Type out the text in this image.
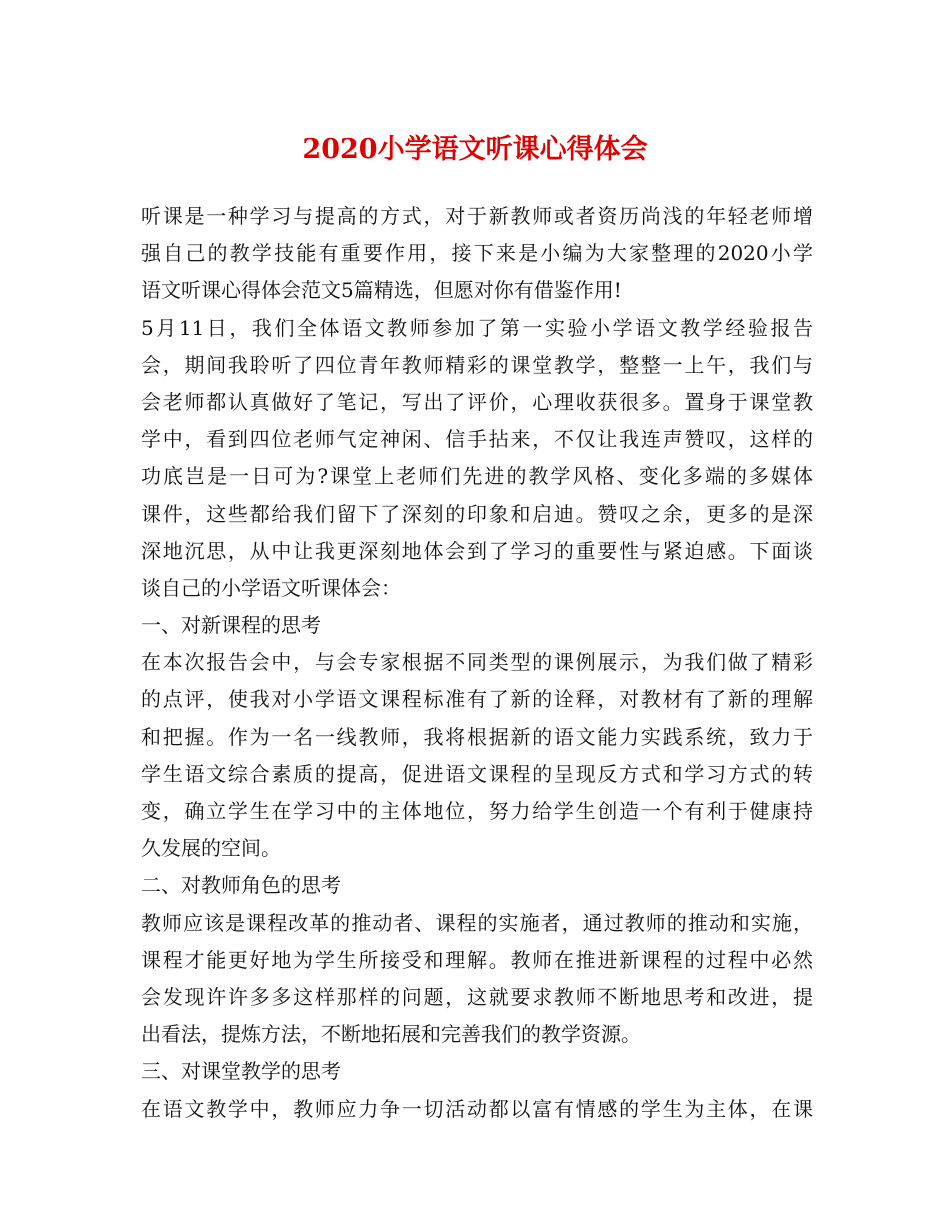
2020小学语文听课心得体会
听课是一种学习与提高的方式，对于新教师或者资历尚浅的年轻老师增
强自己的教学技能有重要作用，接下来是小编为大家整理的2020小学
语文听课心得体会范文5篇精选，但愿对你有借鉴作用!
5月11日，我们全体语文教师参加了第一实验小学语文教学经验报告
会，期间我聆听了四位青年教师精彩的课堂教学，整整一上午，我们与
会老师都认真做好了笔记，写出了评价，心理收获很多。置身于课堂教
学中，看到四位老师气定神闲、信手拈来，不仅让我连声赞叹，这样的
功底岂是一日可为?课堂上老师们先进的教学风格、变化多端的多媒体
课件，这些都给我们留下了深刻的印象和启迪。赞叹之余，更多的是深
深地沉思，从中让我更深刻地体会到了学习的重要性与紧迫感。下面谈
谈自己的小学语文听课体会：
一、对新课程的思考
在本次报告会中，与会专家根据不同类型的课例展示，为我们做了精彩
的点评，使我对小学语文课程标准有了新的诠释，对教材有了新的理解
和把握。作为一名一线教师，我将根据新的语文能力实践系统，致力于
学生语文综合素质的提高，促进语文课程的呈现反方式和学习方式的转
变，确立学生在学习中的主体地位，努力给学生创造一个有利于健康持
久发展的空间。
二、对教师角色的思考
教师应该是课程改革的推动者、课程的实施者，通过教师的推动和实施，
课程才能更好地为学生所接受和理解。教师在推进新课程的过程中必然
会发现许许多多这样那样的问题，这就要求教师不断地思考和改进，提
出看法，提炼方法，不断地拓展和完善我们的教学资源。
三、对课堂教学的思考
在语文教学中，教师应力争一切活动都以富有情感的学生为主体，在课
